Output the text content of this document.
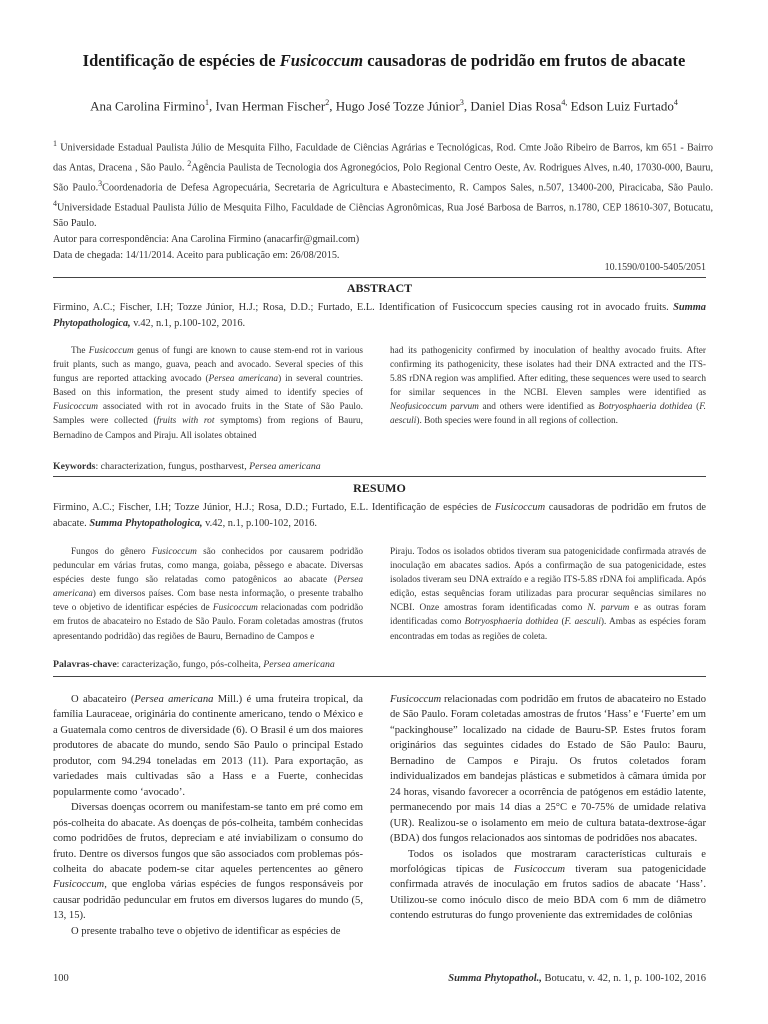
Identificação de espécies de Fusicoccum causadoras de podridão em frutos de abacate
Ana Carolina Firmino$^1$, Ivan Herman Fischer$^2$, Hugo José Tozze Júnior$^3$, Daniel Dias Rosa$^{4,}$ Edson Luiz Furtado$^4$

$^1$ Universidade Estadual Paulista Júlio de Mesquita Filho, Faculdade de Ciências Agrárias e Tecnológicas, Rod. Cmte João Ribeiro de Barros, km 651 - Bairro das Antas, Dracena , São Paulo. $^2$Agência Paulista de Tecnologia dos Agronegócios, Polo Regional Centro Oeste, Av. Rodrigues Alves, n.40, 17030-000, Bauru, São Paulo.$^3$Coordenadoria de Defesa Agropecuária, Secretaria de Agricultura e Abastecimento, R. Campos Sales, n.507, 13400-200, Piracicaba, São Paulo. $^4$Universidade Estadual Paulista Júlio de Mesquita Filho, Faculdade de Ciências Agronômicas, Rua José Barbosa de Barros, n.1780, CEP 18610-307, Botucatu, São Paulo.

Autor para correspondência: Ana Carolina Firmino (anacarfir@gmail.com)

Data de chegada: 14/11/2014. Aceito para publicação em: 26/08/2015.

10.1590/0100-5405/2051
ABSTRACT

Firmino, A.C.; Fischer, I.H; Tozze Júnior, H.J.; Rosa, D.D.; Furtado, E.L. Identification of Fusicoccum species causing rot in avocado fruits. Summa Phytopathologica, v.42, n.1, p.100-102, 2016.

The Fusicoccum genus of fungi are known to cause stem-end rot in various fruit plants, such as mango, guava, peach and avocado. Several species of this fungus are reported attacking avocado (Persea americana) in several countries. Based on this information, the present study aimed to identify species of Fusicoccum associated with rot in avocado fruits in the State of São Paulo. Samples were collected (fruits with rot symptoms) from regions of Bauru, Bernadino de Campos and Piraju. All isolates obtained

had its pathogenicity confirmed by inoculation of healthy avocado fruits. After confirming its pathogenicity, these isolates had their DNA extracted and the ITS-5.8S rDNA region was amplified. After editing, these sequences were used to search for similar sequences in the NCBI. Eleven samples were identified as Neofusicoccum parvum and others were identified as Botryosphaeria dothidea (F. aesculi). Both species were found in all regions of collection.

Keywords: characterization, fungus, postharvest, Persea americana
RESUMO

Firmino, A.C.; Fischer, I.H; Tozze Júnior, H.J.; Rosa, D.D.; Furtado, E.L. Identificação de espécies de Fusicoccum causadoras de podridão em frutos de abacate. Summa Phytopathologica, v.42, n.1, p.100-102, 2016.

Fungos do gênero Fusicoccum são conhecidos por causarem podridão peduncular em várias frutas, como manga, goiaba, pêssego e abacate. Diversas espécies deste fungo são relatadas como patogênicos ao abacate (Persea americana) em diversos países. Com base nesta informação, o presente trabalho teve o objetivo de identificar espécies de Fusicoccum relacionadas com podridão em frutos de abacateiro no Estado de São Paulo. Foram coletadas amostras (frutos apresentando podridão) das regiões de Bauru, Bernadino de Campos e

Piraju. Todos os isolados obtidos tiveram sua patogenicidade confirmada através de inoculação em abacates sadios. Após a confirmação de sua patogenicidade, estes isolados tiveram seu DNA extraído e a região ITS-5.8S rDNA foi amplificada. Após edição, estas sequências foram utilizadas para procurar sequências similares no NCBI. Onze amostras foram identificadas como N. parvum e as outras foram identificadas como Botryosphaeria dothidea (F. aesculi). Ambas as espécies foram encontradas em todas as regiões de coleta.

Palavras-chave: caracterização, fungo, pós-colheita, Persea americana

O abacateiro (Persea americana Mill.) é uma fruteira tropical, da família Lauraceae, originária do continente americano, tendo o México e a Guatemala como centros de diversidade (6). O Brasil é um dos maiores produtores de abacate do mundo, sendo São Paulo o principal Estado produtor, com 94.294 toneladas em 2013 (11). Para exportação, as variedades mais cultivadas são a Hass e a Fuerte, conhecidas popularmente como ‘avocado’.

Diversas doenças ocorrem ou manifestam-se tanto em pré como em pós-colheita do abacate. As doenças de pós-colheita, também conhecidas como podridões de frutos, depreciam e até inviabilizam o consumo do fruto. Dentre os diversos fungos que são associados com problemas pós-colheita do abacate podem-se citar aqueles pertencentes ao gênero Fusicoccum, que engloba várias espécies de fungos responsáveis por causar podridão peduncular em frutos em diversos lugares do mundo (5, 13, 15).

O presente trabalho teve o objetivo de identificar as espécies de

Fusicoccum relacionadas com podridão em frutos de abacateiro no Estado de São Paulo. Foram coletadas amostras de frutos ‘Hass’ e ‘Fuerte’ em um “packinghouse” localizado na cidade de Bauru-SP. Estes frutos foram originários das seguintes cidades do Estado de São Paulo: Bauru, Bernadino de Campos e Piraju. Os frutos coletados foram individualizados em bandejas plásticas e submetidos à câmara úmida por 24 horas, visando favorecer a ocorrência de patógenos em estádio latente, permanecendo por mais 14 dias a 25°C e 70-75% de umidade relativa (UR). Realizou-se o isolamento em meio de cultura batata-dextrose-ágar (BDA) dos fungos relacionados aos sintomas de podridões nos abacates.

Todos os isolados que mostraram características culturais e morfológicas típicas de Fusicoccum tiveram sua patogenicidade confirmada através de inoculação em frutos sadios de abacate ‘Hass’. Utilizou-se como inóculo disco de meio BDA com 6 mm de diâmetro contendo estruturas do fungo proveniente das extremidades de colônias

100	Summa Phytopathol., Botucatu, v. 42, n. 1, p. 100-102, 2016
